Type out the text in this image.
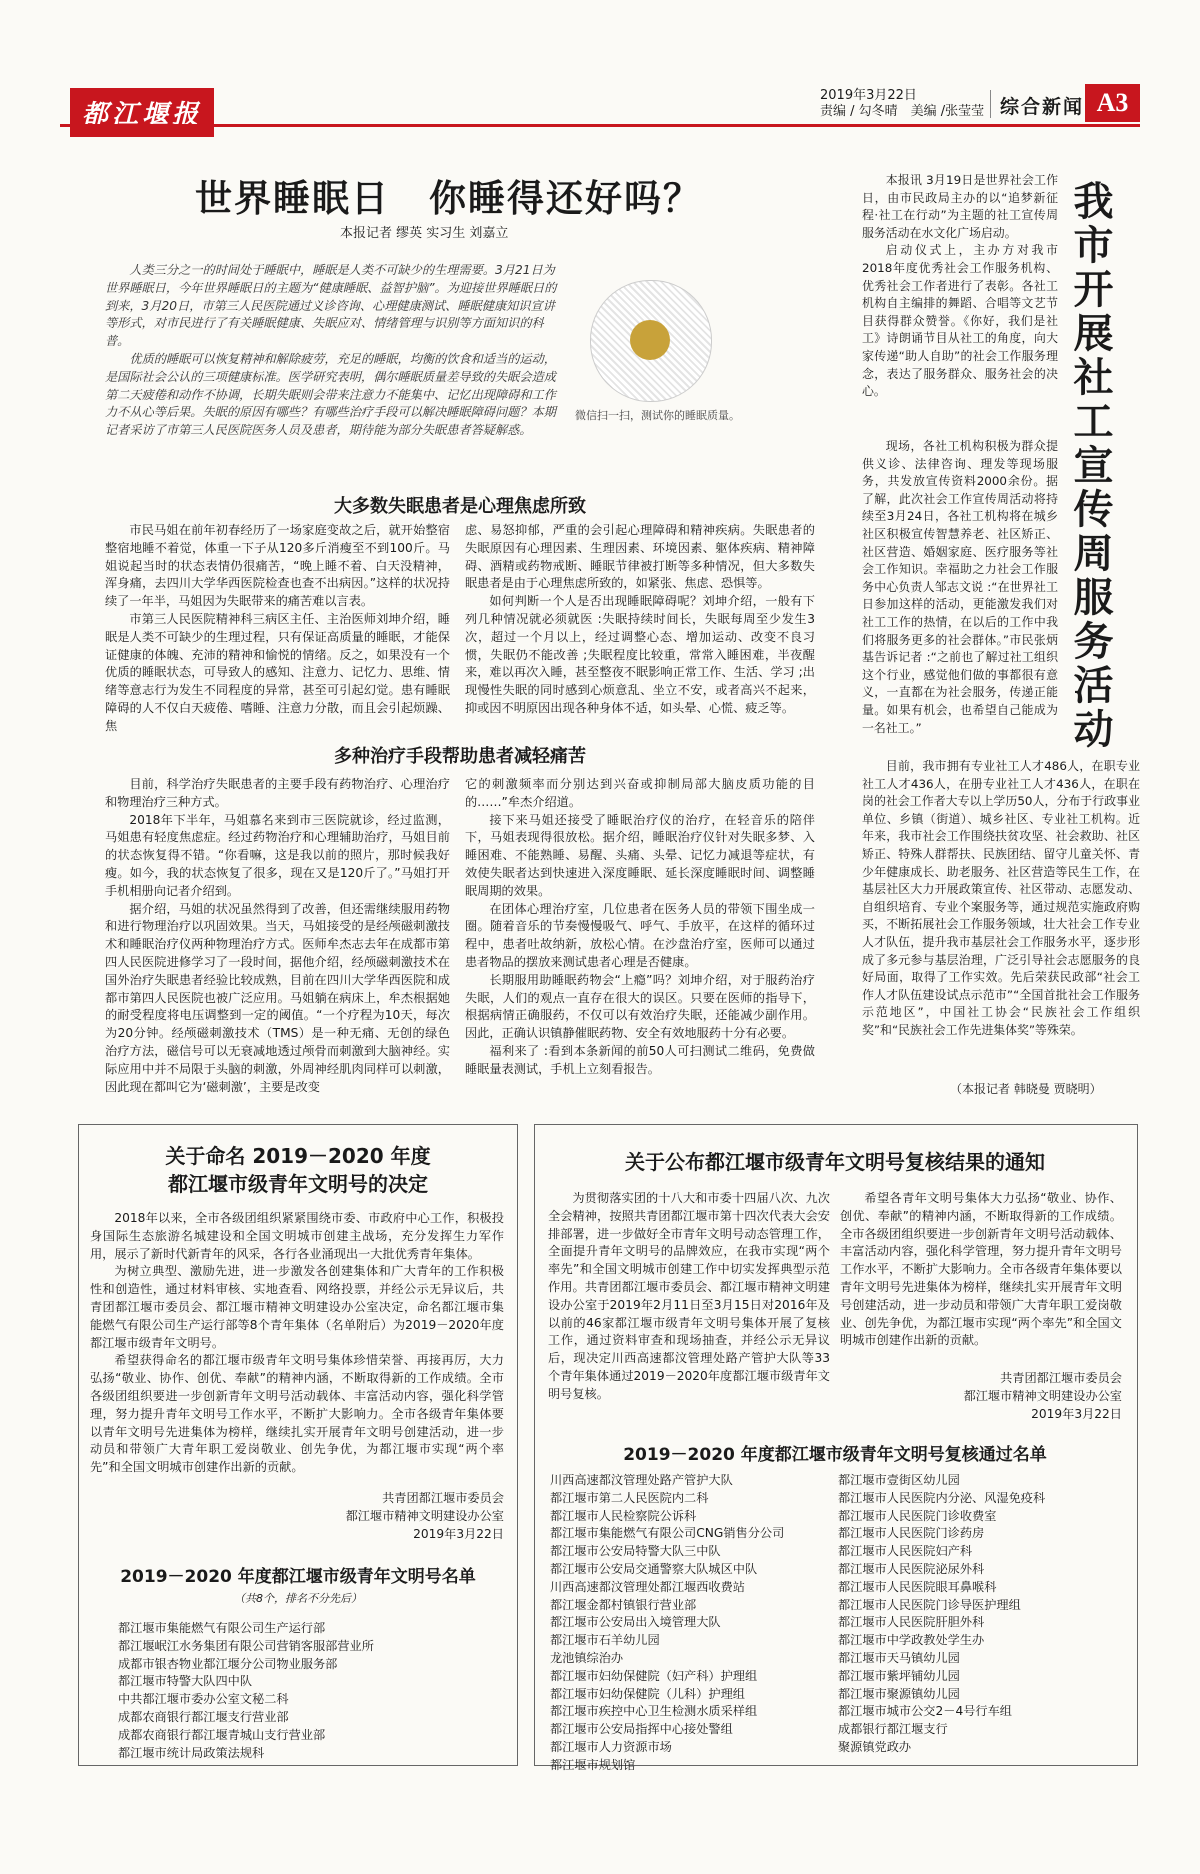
都江堰报
2019年3月22日
责编 / 勾冬晴　美编 /张莹莹 综合新闻 A3
世界睡眠日　你睡得还好吗？
本报记者 缪英 实习生 刘嘉立

人类三分之一的时间处于睡眠中，睡眠是人类不可缺少的生理需要。3月21日为世界睡眠日，今年世界睡眠日的主题为“健康睡眠、益智护脑”。为迎接世界睡眠日的到来，3月20日，市第三人民医院通过义诊咨询、心理健康测试、睡眠健康知识宣讲等形式，对市民进行了有关睡眠健康、失眠应对、情绪管理与识别等方面知识的科普。

优质的睡眠可以恢复精神和解除疲劳，充足的睡眠，均衡的饮食和适当的运动，是国际社会公认的三项健康标准。医学研究表明，偶尔睡眠质量差导致的失眠会造成第二天疲倦和动作不协调，长期失眠则会带来注意力不能集中、记忆出现障碍和工作力不从心等后果。失眠的原因有哪些？有哪些治疗手段可以解决睡眠障碍问题？本期记者采访了市第三人民医院医务人员及患者，期待能为部分失眠患者答疑解惑。

微信扫一扫，测试你的睡眠质量。
大多数失眠患者是心理焦虑所致

市民马姐在前年初春经历了一场家庭变故之后，就开始整宿整宿地睡不着觉，体重一下子从120多斤消瘦至不到100斤。马姐说起当时的状态表情仍很痛苦，“晚上睡不着、白天没精神，浑身痛，去四川大学华西医院检查也查不出病因。”这样的状况持续了一年半，马姐因为失眠带来的痛苦难以言表。

市第三人民医院精神科三病区主任、主治医师刘坤介绍，睡眠是人类不可缺少的生理过程，只有保证高质量的睡眠，才能保证健康的体魄、充沛的精神和愉悦的情绪。反之，如果没有一个优质的睡眠状态，可导致人的感知、注意力、记忆力、思维、情绪等意志行为发生不同程度的异常，甚至可引起幻觉。患有睡眠障碍的人不仅白天疲倦、嗜睡、注意力分散，而且会引起烦躁、焦

虑、易怒抑郁，严重的会引起心理障碍和精神疾病。失眠患者的失眠原因有心理因素、生理因素、环境因素、躯体疾病、精神障碍、酒精或药物戒断、睡眠节律被打断等多种情况，但大多数失眠患者是由于心理焦虑所致的，如紧张、焦虑、恐惧等。

如何判断一个人是否出现睡眠障碍呢？刘坤介绍，一般有下列几种情况就必须就医 :失眠持续时间长，失眠每周至少发生3次，超过一个月以上，经过调整心态、增加运动、改变不良习惯，失眠仍不能改善 ;失眠程度比较重，常常入睡困难，半夜醒来，难以再次入睡，甚至整夜不眠影响正常工作、生活、学习 ;出现慢性失眠的同时感到心烦意乱、坐立不安，或者高兴不起来，抑或因不明原因出现各种身体不适，如头晕、心慌、疲乏等。

多种治疗手段帮助患者减轻痛苦

目前，科学治疗失眠患者的主要手段有药物治疗、心理治疗和物理治疗三种方式。

2018年下半年，马姐慕名来到市三医院就诊，经过监测，马姐患有轻度焦虑症。经过药物治疗和心理辅助治疗，马姐目前的状态恢复得不错。“你看嘛，这是我以前的照片，那时候我好瘦。如今，我的状态恢复了很多，现在又是120斤了。”马姐打开手机相册向记者介绍到。

据介绍，马姐的状况虽然得到了改善，但还需继续服用药物和进行物理治疗以巩固效果。当天，马姐接受的是经颅磁刺激技术和睡眠治疗仪两种物理治疗方式。医师牟杰志去年在成都市第四人民医院进修学习了一段时间，据他介绍，经颅磁刺激技术在国外治疗失眠患者经验比较成熟，目前在四川大学华西医院和成都市第四人民医院也被广泛应用。马姐躺在病床上，牟杰根据她的耐受程度将电压调整到一定的阈值。“一个疗程为10天，每次为20分钟。经颅磁刺激技术（TMS）是一种无痛、无创的绿色治疗方法，磁信号可以无衰减地透过颅骨而刺激到大脑神经。实际应用中并不局限于头脑的刺激，外周神经肌肉同样可以刺激，因此现在都叫它为‘磁刺激’，主要是改变

它的刺激频率而分别达到兴奋或抑制局部大脑皮质功能的目的……”牟杰介绍道。

接下来马姐还接受了睡眠治疗仪的治疗，在轻音乐的陪伴下，马姐表现得很放松。据介绍，睡眠治疗仪针对失眠多梦、入睡困难、不能熟睡、易醒、头痛、头晕、记忆力减退等症状，有效使失眠者达到快速进入深度睡眠、延长深度睡眠时间、调整睡眠周期的效果。

在团体心理治疗室，几位患者在医务人员的带领下围坐成一圈。随着音乐的节奏慢慢吸气、呼气、手放平，在这样的循环过程中，患者吐故纳新，放松心情。在沙盘治疗室，医师可以通过患者物品的摆放来测试患者心理是否健康。

长期服用助睡眠药物会“上瘾”吗？刘坤介绍，对于服药治疗失眠，人们的观点一直存在很大的误区。只要在医师的指导下，根据病情正确服药，不仅可以有效治疗失眠，还能减少副作用。因此，正确认识镇静催眠药物、安全有效地服药十分有必要。

福利来了 :看到本条新闻的前50人可扫测试二维码，免费做睡眠量表测试，手机上立刻看报告。

本报讯 3月19日是世界社会工作日，由市民政局主办的以“追梦新征程·社工在行动”为主题的社工宣传周服务活动在水文化广场启动。

启动仪式上，主办方对我市2018年度优秀社会工作服务机构、优秀社会工作者进行了表彰。各社工机构自主编排的舞蹈、合唱等文艺节目获得群众赞誉。《你好，我们是社工》诗朗诵节目从社工的角度，向大家传递“助人自助”的社会工作服务理念，表达了服务群众、服务社会的决心。	我市开展社工宣传周服务活动

现场，各社工机构积极为群众提供义诊、法律咨询、理发等现场服务，共发放宣传资料2000余份。据了解，此次社会工作宣传周活动将持续至3月24日，各社工机构将在城乡社区积极宣传智慧养老、社区矫正、社区营造、婚姻家庭、医疗服务等社会工作知识。幸福助之力社会工作服务中心负责人邹志文说 :“在世界社工日参加这样的活动，更能激发我们对社工工作的热情，在以后的工作中我们将服务更多的社会群体。”市民张炳基告诉记者 :“之前也了解过社工组织这个行业，感觉他们做的事都很有意义，一直都在为社会服务，传递正能量。如果有机会，也希望自己能成为一名社工。”

目前，我市拥有专业社工人才486人，在职专业社工人才436人，在册专业社工人才436人，在职在岗的社会工作者大专以上学历50人，分布于行政事业单位、乡镇（街道）、城乡社区、专业社工机构。近年来，我市社会工作围绕扶贫攻坚、社会救助、社区矫正、特殊人群帮扶、民族团结、留守儿童关怀、青少年健康成长、助老服务、社区营造等民生工作，在基层社区大力开展政策宣传、社区带动、志愿发动、自组织培育、专业个案服务等，通过规范实施政府购买，不断拓展社会工作服务领域，壮大社会工作专业人才队伍，提升我市基层社会工作服务水平，逐步形成了多元参与基层治理，广泛引导社会志愿服务的良好局面，取得了工作实效。先后荣获民政部“社会工作人才队伍建设试点示范市”“全国首批社会工作服务示范地区”，中国社工协会“民族社会工作组织奖”和“民族社会工作先进集体奖”等殊荣。

（本报记者 韩晓曼 贾晓明）
关于命名 2019－2020 年度
都江堰市级青年文明号的决定

2018年以来，全市各级团组织紧紧围绕市委、市政府中心工作，积极投身国际生态旅游名城建设和全国文明城市创建主战场，充分发挥生力军作用，展示了新时代新青年的风采，各行各业涌现出一大批优秀青年集体。

为树立典型、激励先进，进一步激发各创建集体和广大青年的工作积极性和创造性，通过材料审核、实地查看、网络投票，并经公示无异议后，共青团都江堰市委员会、都江堰市精神文明建设办公室决定，命名都江堰市集能燃气有限公司生产运行部等8个青年集体（名单附后）为2019－2020年度都江堰市级青年文明号。

希望获得命名的都江堰市级青年文明号集体珍惜荣誉、再接再厉，大力弘扬“敬业、协作、创优、奉献”的精神内涵，不断取得新的工作成绩。全市各级团组织要进一步创新青年文明号活动载体、丰富活动内容，强化科学管理，努力提升青年文明号工作水平，不断扩大影响力。全市各级青年集体要以青年文明号先进集体为榜样，继续扎实开展青年文明号创建活动，进一步动员和带领广大青年职工爱岗敬业、创先争优，为都江堰市实现“两个率先”和全国文明城市创建作出新的贡献。

共青团都江堰市委员会
都江堰市精神文明建设办公室
2019年3月22日
2019－2020 年度都江堰市级青年文明号名单
（共8个，排名不分先后）
都江堰市集能燃气有限公司生产运行部
都江堰岷江水务集团有限公司营销客服部营业所
成都市银杏物业都江堰分公司物业服务部
都江堰市特警大队四中队
中共都江堰市委办公室文秘二科
成都农商银行都江堰支行营业部
成都农商银行都江堰青城山支行营业部
都江堰市统计局政策法规科
关于公布都江堰市级青年文明号复核结果的通知

为贯彻落实团的十八大和市委十四届八次、九次全会精神，按照共青团都江堰市第十四次代表大会安排部署，进一步做好全市青年文明号动态管理工作，全面提升青年文明号的品牌效应，在我市实现“两个率先”和全国文明城市创建工作中切实发挥典型示范作用。共青团都江堰市委员会、都江堰市精神文明建设办公室于2019年2月11日至3月15日对2016年及以前的46家都江堰市级青年文明号集体开展了复核工作，通过资料审查和现场抽查，并经公示无异议后，现决定川西高速都汶管理处路产管护大队等33个青年集体通过2019－2020年度都江堰市级青年文明号复核。

希望各青年文明号集体大力弘扬“敬业、协作、创优、奉献”的精神内涵，不断取得新的工作成绩。全市各级团组织要进一步创新青年文明号活动载体、丰富活动内容，强化科学管理，努力提升青年文明号工作水平，不断扩大影响力。全市各级青年集体要以青年文明号先进集体为榜样，继续扎实开展青年文明号创建活动，进一步动员和带领广大青年职工爱岗敬业、创先争优，为都江堰市实现“两个率先”和全国文明城市创建作出新的贡献。

共青团都江堰市委员会
都江堰市精神文明建设办公室
2019年3月22日
2019－2020 年度都江堰市级青年文明号复核通过名单
川西高速都汶管理处路产管护大队
都江堰市第二人民医院内二科
都江堰市人民检察院公诉科
都江堰市集能燃气有限公司CNG销售分公司
都江堰市公安局特警大队三中队
都江堰市公安局交通警察大队城区中队
川西高速都汶管理处都江堰西收费站
都江堰金都村镇银行营业部
都江堰市公安局出入境管理大队
都江堰市石羊幼儿园
龙池镇综治办
都江堰市妇幼保健院（妇产科）护理组
都江堰市妇幼保健院（儿科）护理组
都江堰市疾控中心卫生检测水质采样组
都江堰市公安局指挥中心接处警组
都江堰市人力资源市场
都江堰市规划馆
都江堰市壹街区幼儿园
都江堰市人民医院内分泌、风湿免疫科
都江堰市人民医院门诊收费室
都江堰市人民医院门诊药房
都江堰市人民医院妇产科
都江堰市人民医院泌尿外科
都江堰市人民医院眼耳鼻喉科
都江堰市人民医院门诊导医护理组
都江堰市人民医院肝胆外科
都江堰市中学政教处学生办
都江堰市天马镇幼儿园
都江堰市紫坪铺幼儿园
都江堰市聚源镇幼儿园
都江堰市城市公交2－4号行车组
成都银行都江堰支行
聚源镇党政办
